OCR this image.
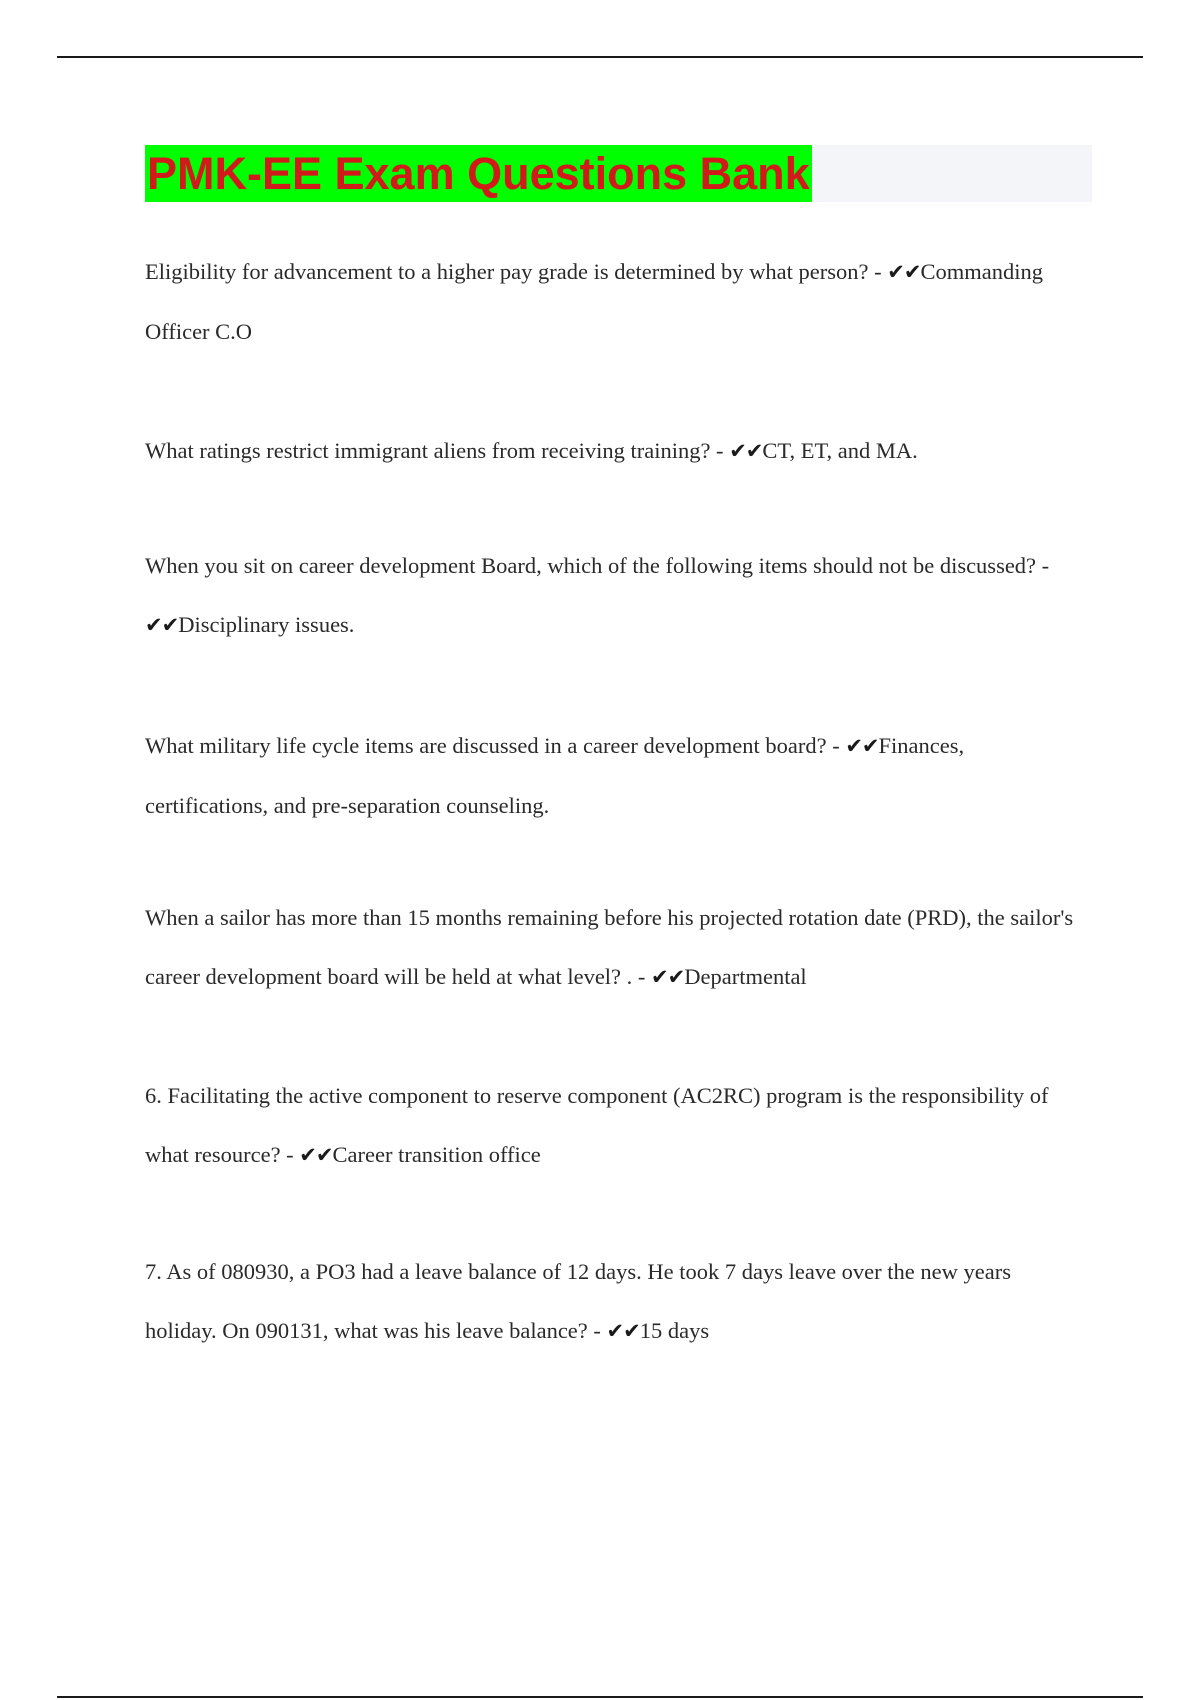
PMK-EE Exam Questions Bank

Eligibility for advancement to a higher pay grade is determined by what person? - ✔✔Commanding Officer C.O

What ratings restrict immigrant aliens from receiving training? - ✔✔CT, ET, and MA.

When you sit on career development Board, which of the following items should not be discussed? - ✔✔Disciplinary issues.

What military life cycle items are discussed in a career development board? - ✔✔Finances, certifications, and pre-separation counseling.

When a sailor has more than 15 months remaining before his projected rotation date (PRD), the sailor's career development board will be held at what level? . - ✔✔Departmental

6. Facilitating the active component to reserve component (AC2RC) program is the responsibility of what resource? - ✔✔Career transition office

7. As of 080930, a PO3 had a leave balance of 12 days. He took 7 days leave over the new years holiday. On 090131, what was his leave balance? - ✔✔15 days
